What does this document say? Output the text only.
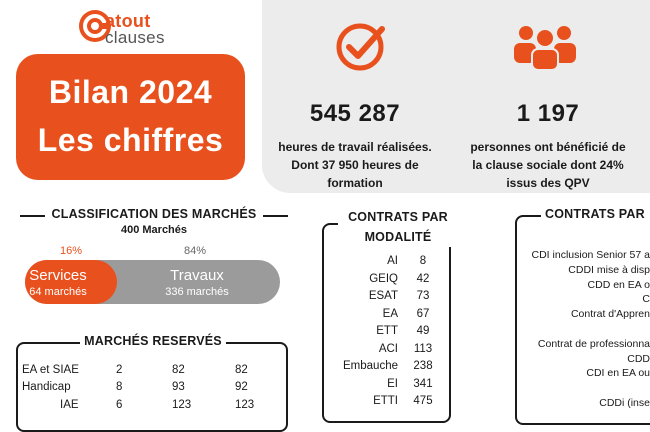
atout
clauses
Bilan 2024
Les chiffres
545 287
heures de travail réalisées.
Dont 37 950 heures de
formation
1 197
personnes ont bénéficié de
la clause sociale dont 24%
issus des QPV
CLASSIFICATION DES MARCHÉS
400 Marchés
16%	84%
Services
64 marchés
Travaux
336 marchés
MARCHÉS RESERVÉS
EA et SIAE	2	82	82
Handicap	8	93	92
IAE	6	123	123
CONTRATS PAR
MODALITÉ
AI	8
GEIQ	42
ESAT	73
EA	67
ETT	49
ACI	113
Embauche	238
EI	341
ETTI	475
CONTRATS PAR
CDI inclusion Senior 57 a
CDDI mise à disp
CDD en EA o
C
Contrat d'Appren
Contrat de professionna
CDD
CDI en EA ou
CDDi (inse
